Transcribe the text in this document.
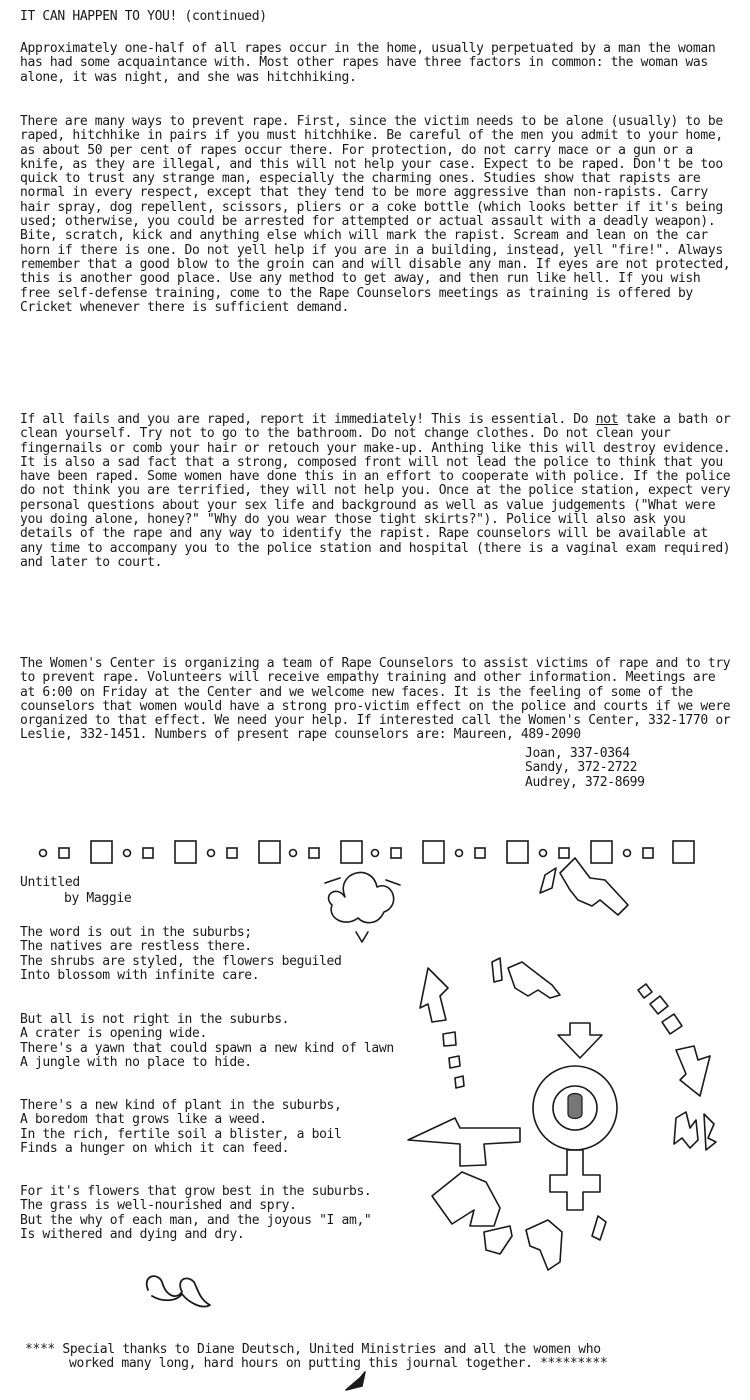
IT CAN HAPPEN TO YOU! (continued)

Approximately one-half of all rapes occur in the home, usually perpetuated by a man the woman has had some acquaintance with. Most other rapes have three factors in common: the woman was alone, it was night, and she was hitchhiking.

There are many ways to prevent rape. First, since the victim needs to be alone (usually) to be raped, hitchhike in pairs if you must hitchhike. Be careful of the men you admit to your home, as about 50 per cent of rapes occur there. For protection, do not carry mace or a gun or a knife, as they are illegal, and this will not help your case. Expect to be raped. Don't be too quick to trust any strange man, especially the charming ones. Studies show that rapists are normal in every respect, except that they tend to be more aggressive than non-rapists. Carry hair spray, dog repellent, scissors, pliers or a coke bottle (which looks better if it's being used; otherwise, you could be arrested for attempted or actual assault with a deadly weapon). Bite, scratch, kick and anything else which will mark the rapist. Scream and lean on the car horn if there is one. Do not yell help if you are in a building, instead, yell "fire!". Always remember that a good blow to the groin can and will disable any man. If eyes are not protected, this is another good place. Use any method to get away, and then run like hell. If you wish free self-defense training, come to the Rape Counselors meetings as training is offered by Cricket whenever there is sufficient demand.

If all fails and you are raped, report it immediately! This is essential. Do not take a bath or clean yourself. Try not to go to the bathroom. Do not change clothes. Do not clean your fingernails or comb your hair or retouch your make-up. Anthing like this will destroy evidence. It is also a sad fact that a strong, composed front will not lead the police to think that you have been raped. Some women have done this in an effort to cooperate with police. If the police do not think you are terrified, they will not help you. Once at the police station, expect very personal questions about your sex life and background as well as value judgements ("What were you doing alone, honey?" "Why do you wear those tight skirts?"). Police will also ask you details of the rape and any way to identify the rapist. Rape counselors will be available at any time to accompany you to the police station and hospital (there is a vaginal exam required) and later to court.

The Women's Center is organizing a team of Rape Counselors to assist victims of rape and to try to prevent rape. Volunteers will receive empathy training and other information. Meetings are at 6:00 on Friday at the Center and we welcome new faces. It is the feeling of some of the counselors that women would have a strong pro-victim effect on the police and courts if we were organized to that effect. We need your help. If interested call the Women's Center, 332-1770 or Leslie, 332-1451. Numbers of present rape counselors are: Maureen, 489-2090

Joan, 337-0364
Sandy, 372-2722
Audrey, 372-8699
Untitled
by Maggie
The word is out in the suburbs;
The natives are restless there.
The shrubs are styled, the flowers beguiled
Into blossom with infinite care.
But all is not right in the suburbs.
A crater is opening wide.
There's a yawn that could spawn a new kind of lawn
A jungle with no place to hide.
There's a new kind of plant in the suburbs,
A boredom that grows like a weed.
In the rich, fertile soil a blister, a boil
Finds a hunger on which it can feed.
For it's flowers that grow best in the suburbs.
The grass is well-nourished and spry.
But the why of each man, and the joyous "I am,"
Is withered and dying and dry.
**** Special thanks to Diane Deutsch, United Ministries and all the women who
worked many long, hard hours on putting this journal together. *********
